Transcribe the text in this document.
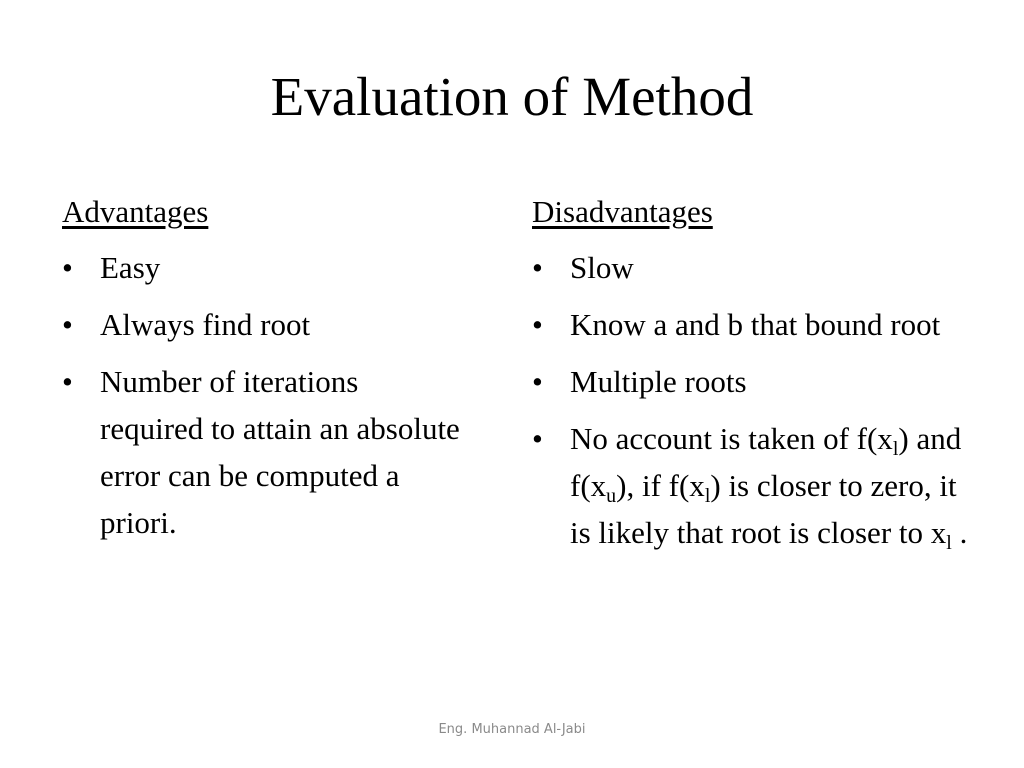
Evaluation of Method
Advantages
• Easy
• Always find root
• Number of iterations required to attain an absolute error can be computed a priori.
Disadvantages
• Slow
• Know a and b that bound root
• Multiple roots
• No account is taken of $f(x_l)$ and $f(x_u)$, if $f(x_l)$ is closer to zero, it is likely that root is closer to $x_l$ .
Eng. Muhannad Al-Jabi
